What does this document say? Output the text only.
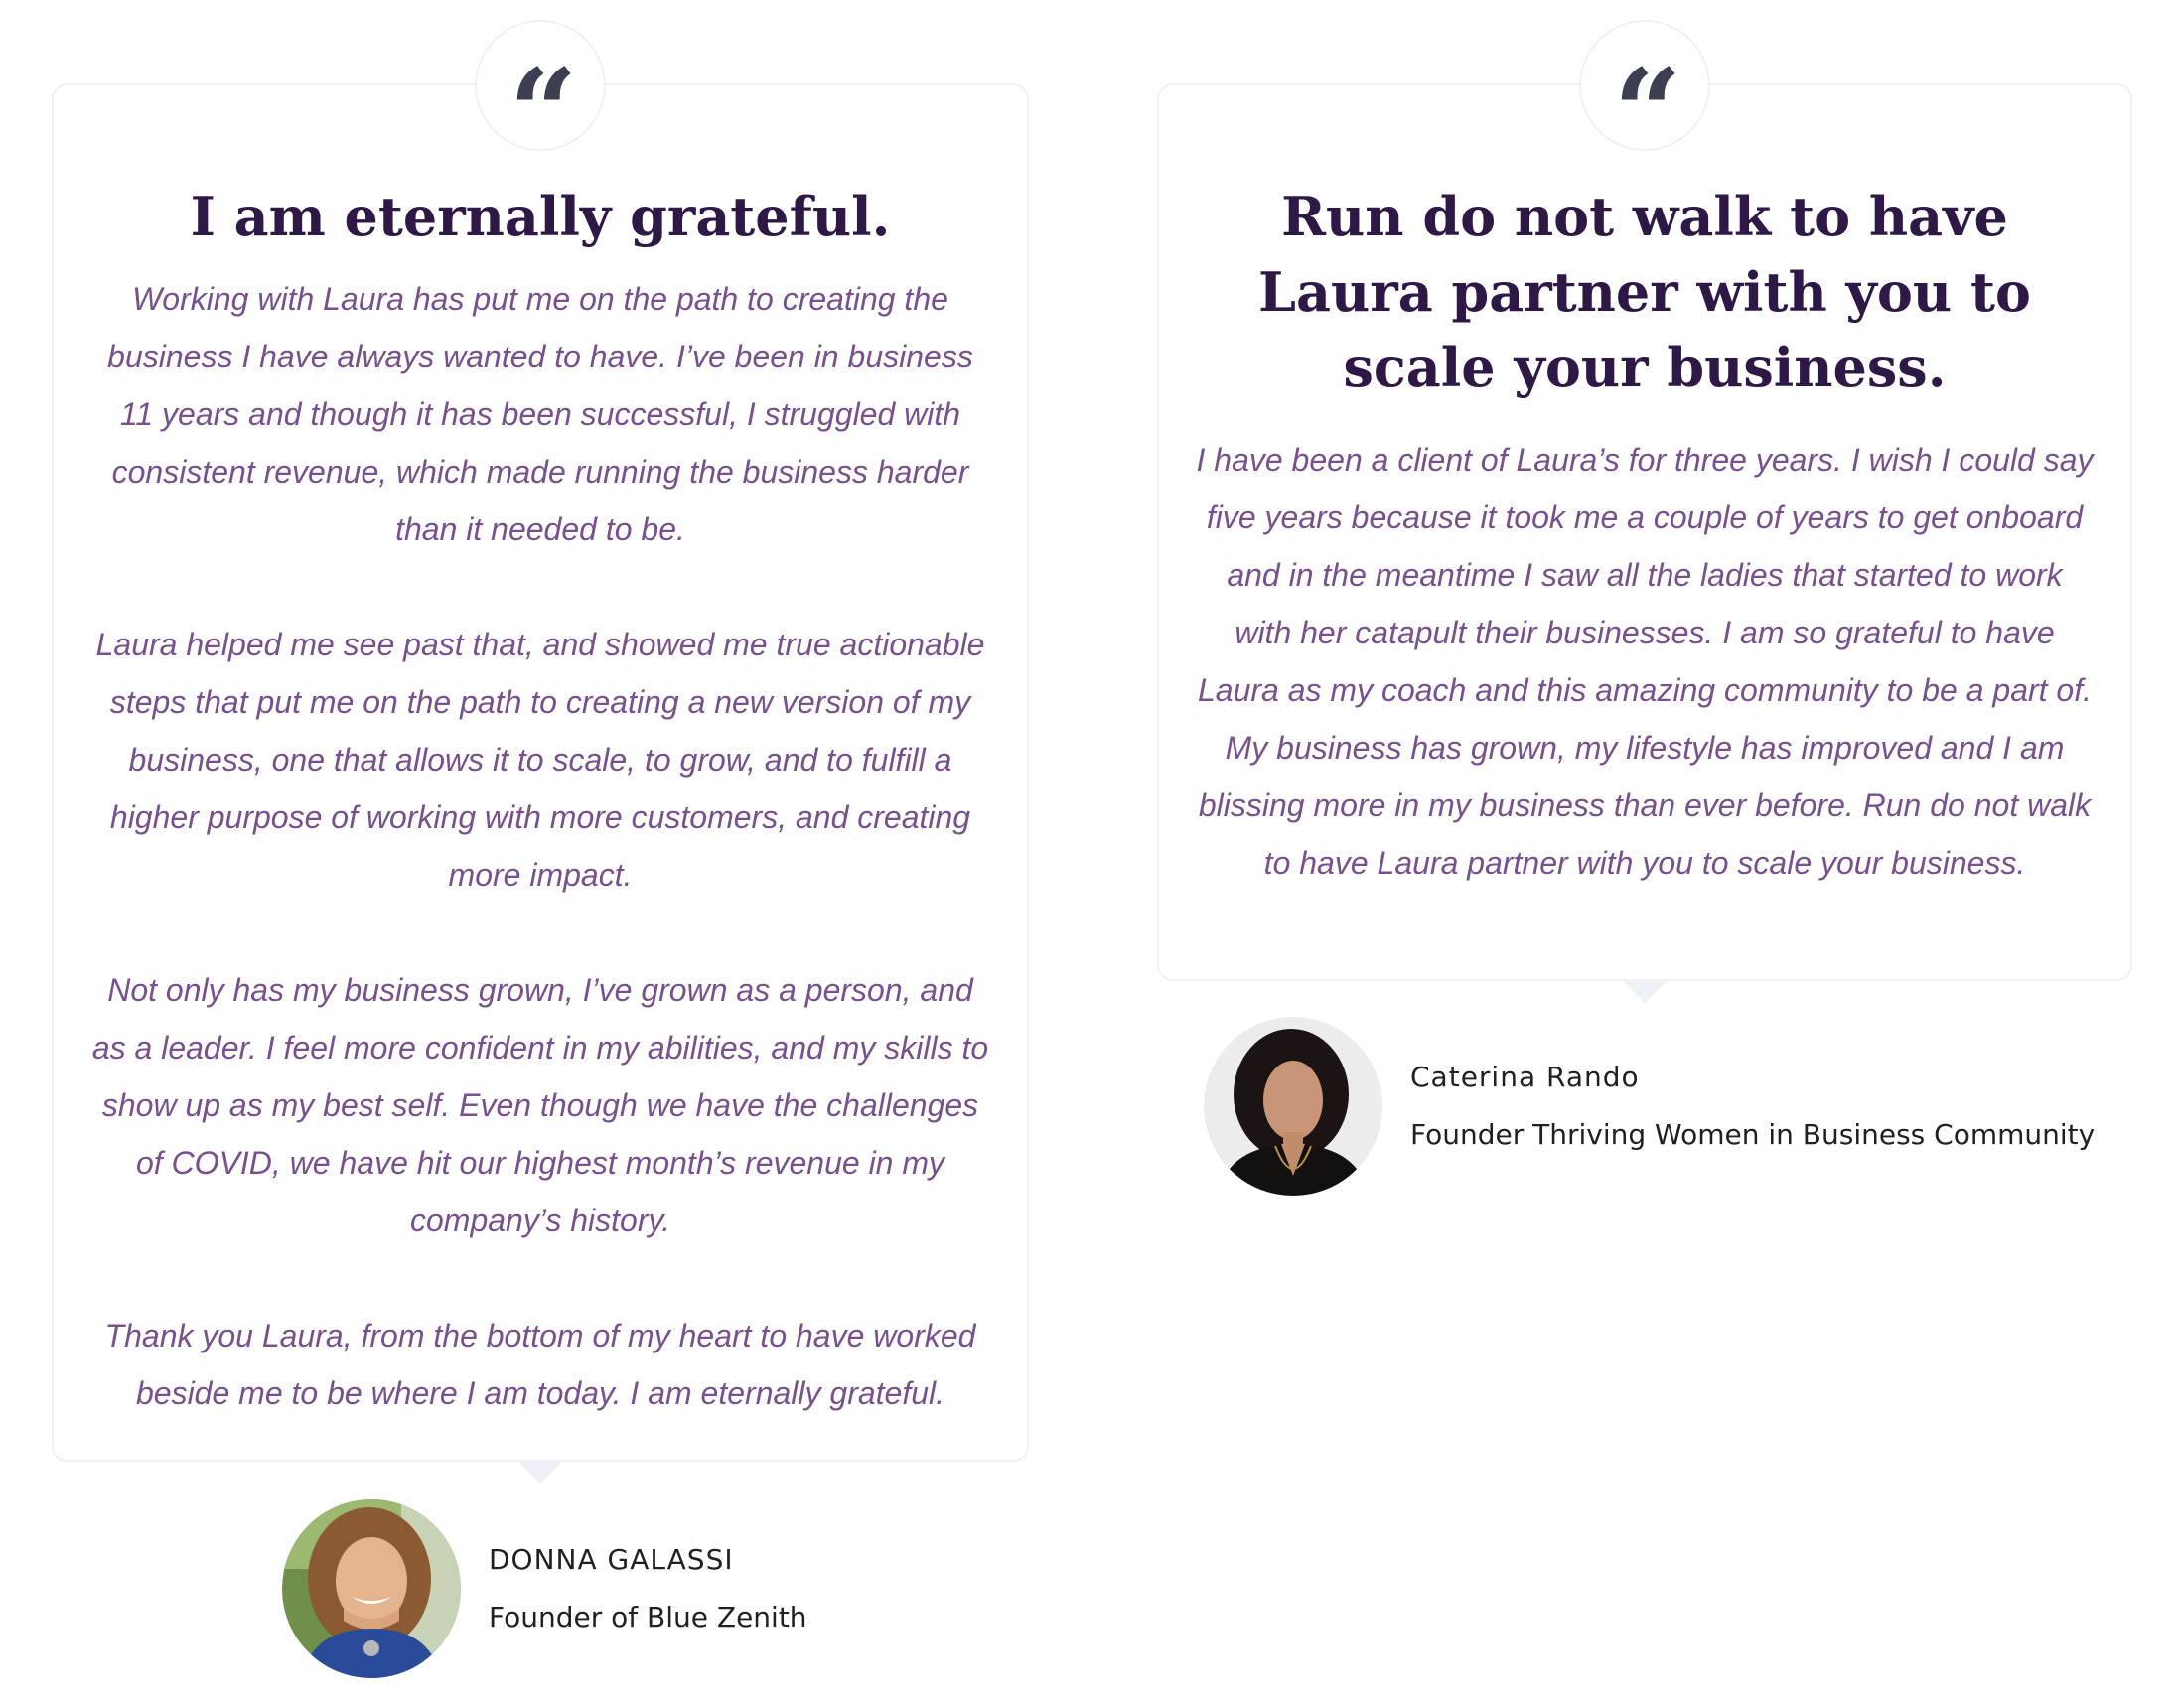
“
I am eternally grateful.

Working with Laura has put me on the path to creating the business I have always wanted to have. I’ve been in business 11 years and though it has been successful, I struggled with consistent revenue, which made running the business harder than it needed to be.

Laura helped me see past that, and showed me true actionable steps that put me on the path to creating a new version of my business, one that allows it to scale, to grow, and to fulfill a higher purpose of working with more customers, and creating more impact.

Not only has my business grown, I’ve grown as a person, and as a leader. I feel more confident in my abilities, and my skills to show up as my best self. Even though we have the challenges of COVID, we have hit our highest month’s revenue in my company’s history.

Thank you Laura, from the bottom of my heart to have worked beside me to be where I am today. I am eternally grateful.

DONNA GALASSI
Founder of Blue Zenith
“
Run do not walk to have Laura partner with you to scale your business.

I have been a client of Laura’s for three years. I wish I could say five years because it took me a couple of years to get onboard and in the meantime I saw all the ladies that started to work with her catapult their businesses. I am so grateful to have Laura as my coach and this amazing community to be a part of. My business has grown, my lifestyle has improved and I am blissing more in my business than ever before. Run do not walk to have Laura partner with you to scale your business.

Caterina Rando
Founder Thriving Women in Business Community
